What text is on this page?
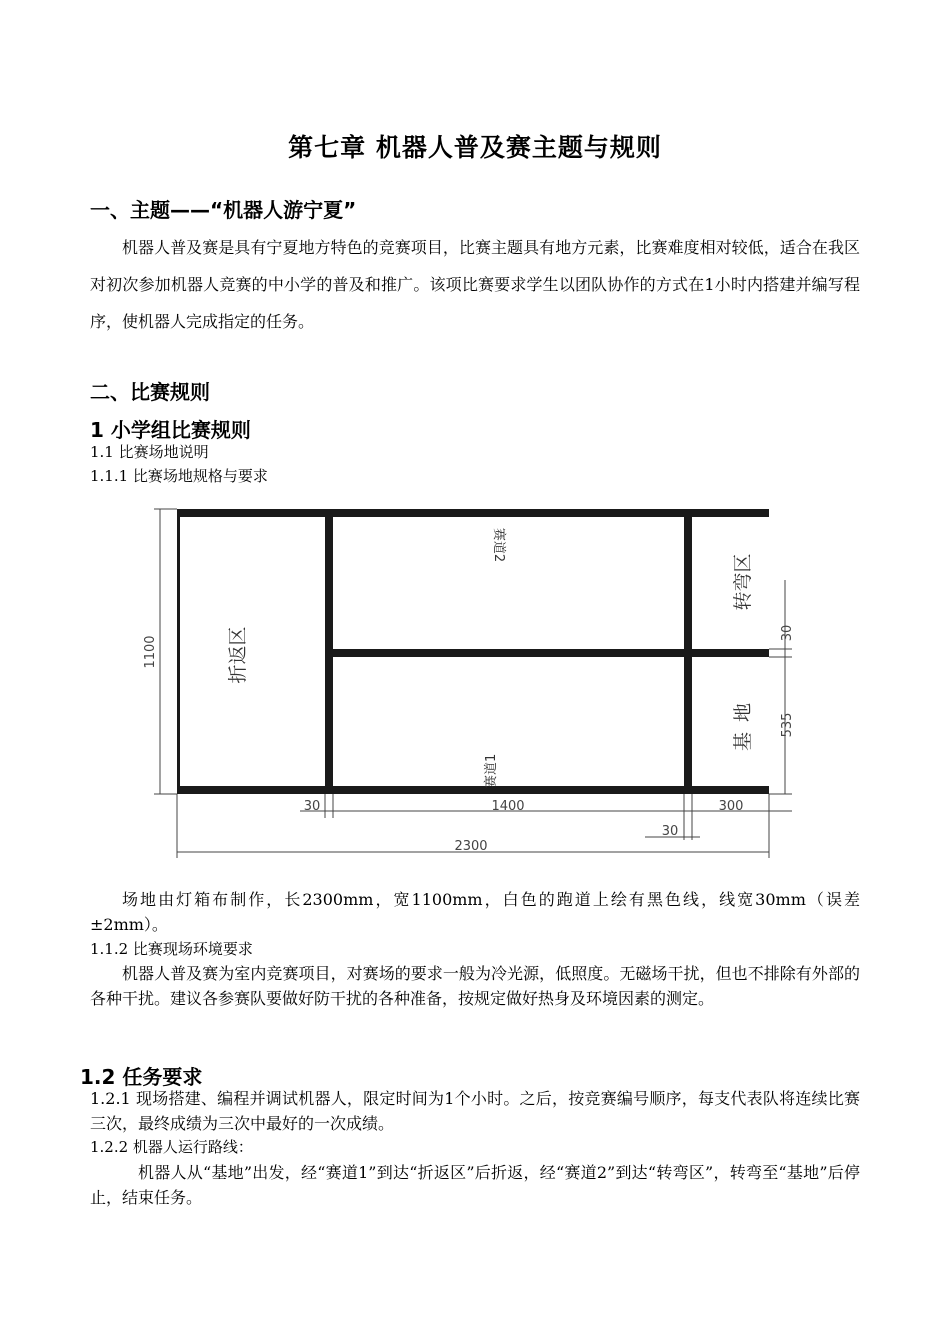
第七章 机器人普及赛主题与规则
一、主题——“机器人游宁夏”
机器人普及赛是具有宁夏地方特色的竞赛项目，比赛主题具有地方元素，比赛难度相对较低，适合在我区对初次参加机器人竞赛的中小学的普及和推广。该项比赛要求学生以团队协作的方式在1小时内搭建并编写程序，使机器人完成指定的任务。
二、比赛规则
1 小学组比赛规则
1.1 比赛场地说明
1.1.1 比赛场地规格与要求
折返区
赛道2
赛道1
转弯区
基地
1100
30
535
30	1400	300
30
2300
场地由灯箱布制作，长2300mm，宽1100mm，白色的跑道上绘有黑色线，线宽30mm（误差±2mm）。
1.1.2 比赛现场环境要求
机器人普及赛为室内竞赛项目，对赛场的要求一般为冷光源，低照度。无磁场干扰，但也不排除有外部的各种干扰。建议各参赛队要做好防干扰的各种准备，按规定做好热身及环境因素的测定。
1.2 任务要求
1.2.1 现场搭建、编程并调试机器人，限定时间为1个小时。之后，按竞赛编号顺序，每支代表队将连续比赛三次，最终成绩为三次中最好的一次成绩。
1.2.2 机器人运行路线：
机器人从“基地”出发，经“赛道1”到达“折返区”后折返，经“赛道2”到达“转弯区”，转弯至“基地”后停止，结束任务。
